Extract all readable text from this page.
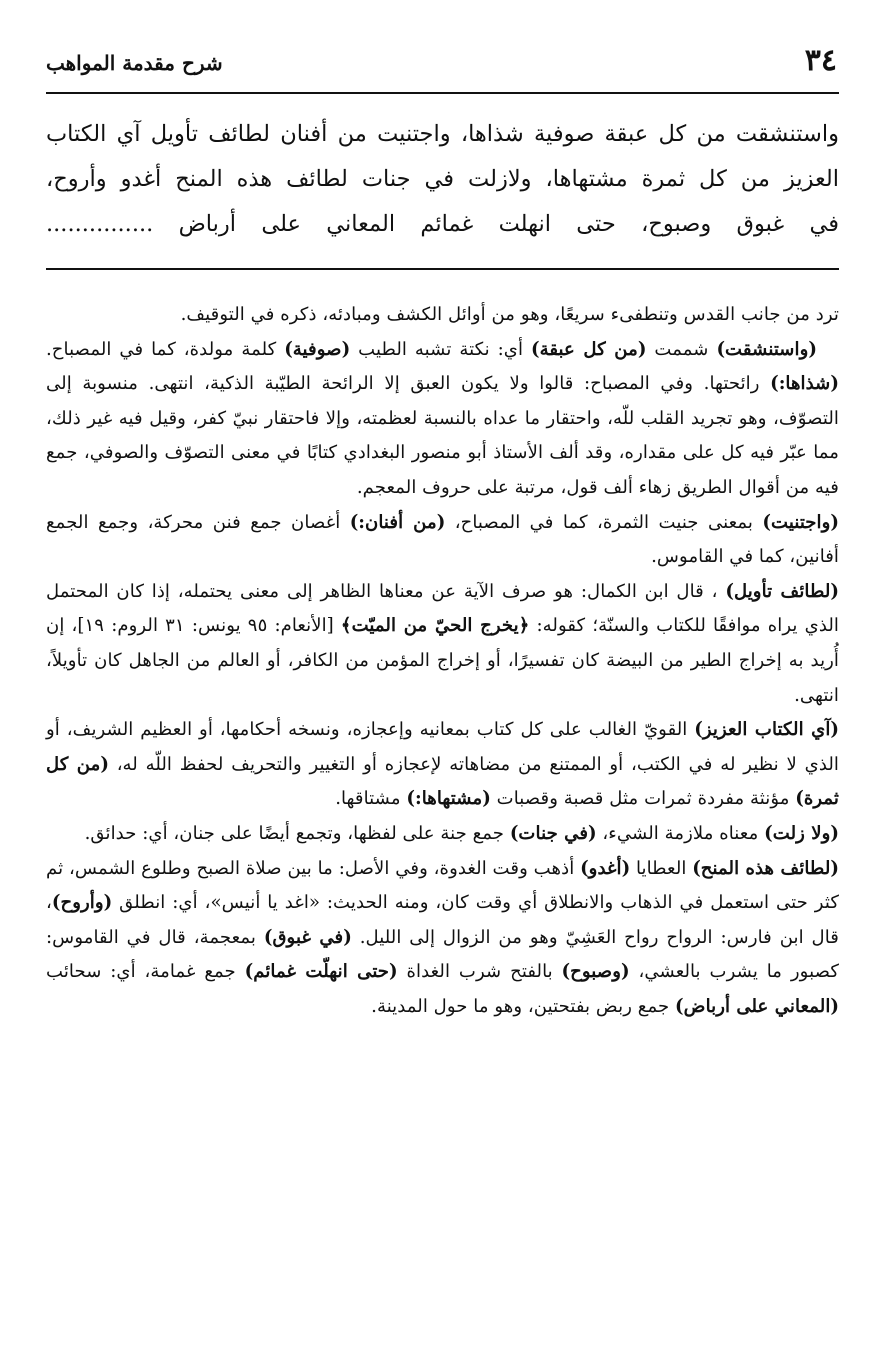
٣٤
شرح مقدمة المواهب
واستنشقت من كل عبقة صوفية شذاها، واجتنيت من أفنان لطائف تأويل آي الكتاب
العزيز من كل ثمرة مشتهاها، ولازلت في جنات لطائف هذه المنح أغدو وأروح،
في غبوق وصبوح، حتى انهلت غمائم المعاني على أرباض ...............

ترد من جانب القدس وتنطفىء سريعًا، وهو من أوائل الكشف ومبادئه، ذكره في التوقيف.

(واستنشقت) شممت (من كل عبقة) أي: نكتة تشبه الطيب (صوفية) كلمة مولدة، كما في المصباح. (شذاها:) رائحتها. وفي المصباح: قالوا ولا يكون العبق إلا الرائحة الطيّبة الذكية، انتهى. منسوبة إلى التصوّف، وهو تجريد القلب للّه، واحتقار ما عداه بالنسبة لعظمته، وإلا فاحتقار نبيّ كفر، وقيل فيه غير ذلك، مما عبّر فيه كل على مقداره، وقد ألف الأستاذ أبو منصور البغدادي كتابًا في معنى التصوّف والصوفي، جمع فيه من أقوال الطريق زهاء ألف قول، مرتبة على حروف المعجم.

(واجتنيت) بمعنى جنيت الثمرة، كما في المصباح، (من أفنان:) أغصان جمع فنن محركة، وجمع الجمع أفانين، كما في القاموس.

(لطائف تأويل) ، قال ابن الكمال: هو صرف الآية عن معناها الظاهر إلى معنى يحتمله، إذا كان المحتمل الذي يراه موافقًا للكتاب والسنّة؛ كقوله: ﴿يخرج الحيّ من الميّت﴾ [الأنعام: ٩٥ يونس: ٣١ الروم: ١٩]، إن أُريد به إخراج الطير من البيضة كان تفسيرًا، أو إخراج المؤمن من الكافر، أو العالم من الجاهل كان تأويلاً، انتهى.

(آي الكتاب العزيز) القويّ الغالب على كل كتاب بمعانيه وإعجازه، ونسخه أحكامها، أو العظيم الشريف، أو الذي لا نظير له في الكتب، أو الممتنع من مضاهاته لإعجازه أو التغيير والتحريف لحفظ اللّه له، (من كل ثمرة) مؤنثة مفردة ثمرات مثل قصبة وقصبات (مشتهاها:) مشتاقها.

(ولا زلت) معناه ملازمة الشيء، (في جنات) جمع جنة على لفظها، وتجمع أيضًا على جنان، أي: حدائق.

(لطائف هذه المنح) العطايا (أغدو) أذهب وقت الغدوة، وفي الأصل: ما بين صلاة الصبح وطلوع الشمس، ثم كثر حتى استعمل في الذهاب والانطلاق أي وقت كان، ومنه الحديث: «اغد يا أنيس»، أي: انطلق (وأروح)، قال ابن فارس: الرواح رواح العَشِيّ وهو من الزوال إلى الليل. (في غبوق) بمعجمة، قال في القاموس: كصبور ما يشرب بالعشي، (وصبوح) بالفتح شرب الغداة (حتى انهلّت غمائم) جمع غمامة، أي: سحائب (المعاني على أرباض) جمع ربض بفتحتين، وهو ما حول المدينة.
